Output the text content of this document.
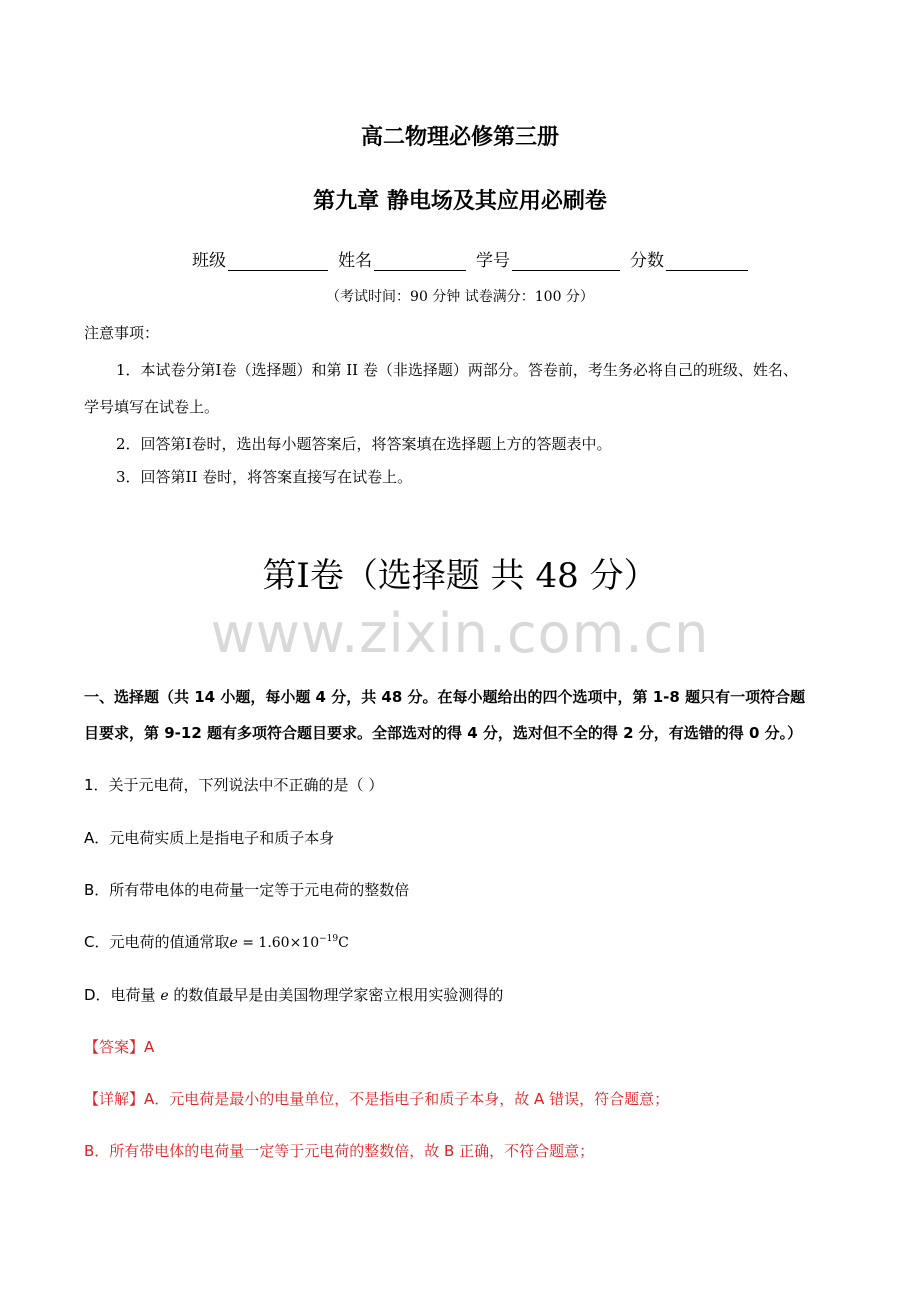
高二物理必修第三册
第九章 静电场及其应用必刷卷
班级	姓名	学号	分数
（考试时间：90 分钟 试卷满分：100 分）
注意事项：
1．本试卷分第Ⅰ卷（选择题）和第 II 卷（非选择题）两部分。答卷前，考生务必将自己的班级、姓名、
学号填写在试卷上。
2．回答第Ⅰ卷时，选出每小题答案后，将答案填在选择题上方的答题表中。
3．回答第II 卷时，将答案直接写在试卷上。
第Ⅰ卷（选择题 共 48 分）
www.zixin.com.cn
一、选择题（共 14 小题，每小题 4 分，共 48 分。在每小题给出的四个选项中，第 1-8 题只有一项符合题
目要求，第 9-12 题有多项符合题目要求。全部选对的得 4 分，选对但不全的得 2 分，有选错的得 0 分。）
1．关于元电荷，下列说法中不正确的是（ ）
A．元电荷实质上是指电子和质子本身
B．所有带电体的电荷量一定等于元电荷的整数倍
C．元电荷的值通常取$e = 1.60\times 10^{-19}C$
D．电荷量 e 的数值最早是由美国物理学家密立根用实验测得的
【答案】A
【详解】A．元电荷是最小的电量单位，不是指电子和质子本身，故 A 错误，符合题意；
B．所有带电体的电荷量一定等于元电荷的整数倍，故 B 正确，不符合题意；
